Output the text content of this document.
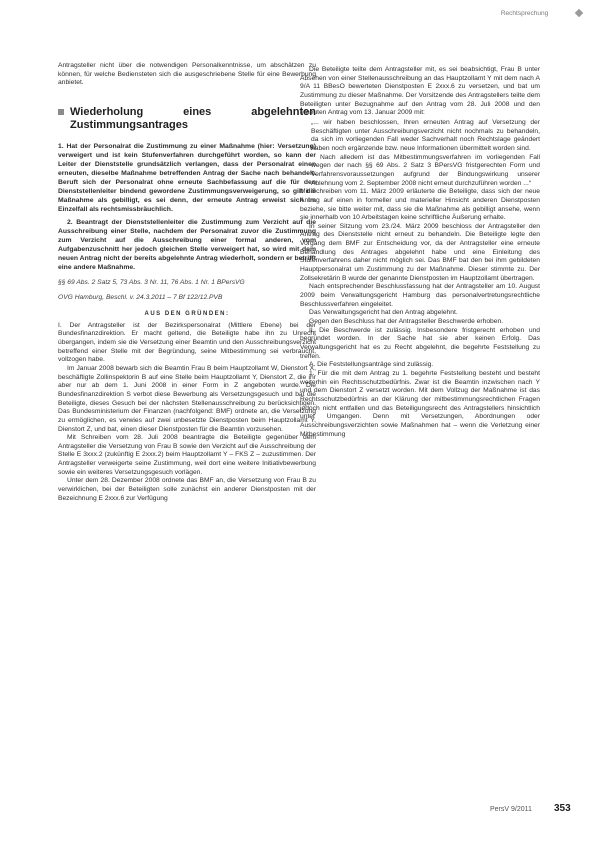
Rechtsprechung

Antragsteller nicht über die notwendigen Personalkenntnisse, um abschätzen zu können, für welche Bediensteten sich die ausgeschriebene Stelle für eine Bewerbung anbietet.

Wiederholung eines abgelehnten Zustimmungsantrages

1. Hat der Personalrat die Zustimmung zu einer Maßnahme (hier: Versetzung) verweigert und ist kein Stufenverfahren durchgeführt worden, so kann der Leiter der Dienststelle grundsätzlich verlangen, dass der Personalrat einen erneuten, dieselbe Maßnahme betreffenden Antrag der Sache nach behandelt. Beruft sich der Personalrat ohne erneute Sachbefassung auf die für den Dienststellenleiter bindend gewordene Zustimmungsverweigerung, so gilt die Maßnahme als gebilligt, es sei denn, der erneute Antrag erweist sich im Einzelfall als rechtsmissbräuchlich.

2. Beantragt der Dienststellenleiter die Zustimmung zum Verzicht auf die Ausschreibung einer Stelle, nachdem der Personalrat zuvor die Zustimmung zum Verzicht auf die Ausschreibung einer formal anderen, vom Aufgabenzuschnitt her jedoch gleichen Stelle verweigert hat, so wird mit dem neuen Antrag nicht der bereits abgelehnte Antrag wiederholt, sondern er betrifft eine andere Maßnahme.

§§ 69 Abs. 2 Satz 5, 73 Abs. 3 Nr. 11, 76 Abs. 1 Nr. 1 BPersVG
OVG Hamburg, Beschl. v. 24.3.2011 – 7 Bf 122/12.PVB
AUS DEN GRÜNDEN:

I. Der Antragsteller ist der Bezirkspersonalrat (Mittlere Ebene) bei der Bundesfinanzdirektion. Er macht geltend, die Beteiligte habe ihn zu Unrecht übergangen, indem sie die Versetzung einer Beamtin und den Ausschreibungsverzicht betreffend einer Stelle mit der Begründung, seine Mitbestimmung sei verbraucht, vollzogen habe.

Im Januar 2008 bewarb sich die Beamtin Frau B beim Hauptzollamt W, Dienstort X, beschäftigte Zollinspektorin B auf eine Stelle beim Hauptzollamt Y, Dienstort Z, die ihr aber nur ab dem 1. Juni 2008 in einer Form in Z angeboten wurde. Die Bundesfinanzdirektion S verbot diese Bewerbung als Versetzungsgesuch und bat die Beteiligte, dieses Gesuch bei der nächsten Stellenausschreibung zu berücksichtigen. Das Bundesministerium der Finanzen (nachfolgend: BMF) ordnete an, die Versetzung zu ermöglichen, es verwies auf zwei unbesetzte Dienstposten beim Hauptzollamt Y, Dienstort Z, und bat, einen dieser Dienstposten für die Beamtin vorzusehen.

Mit Schreiben vom 28. Juli 2008 beantragte die Beteiligte gegenüber dem Antragsteller die Versetzung von Frau B sowie den Verzicht auf die Ausschreibung der Stelle E 3xxx.2 (zukünftig E 2xxx.2) beim Hauptzollamt Y – FKS Z – zuzustimmen. Der Antragsteller verweigerte seine Zustimmung, weil dort eine weitere Initiativbewerbung sowie ein weiteres Versetzungsgesuch vorlägen.

Unter dem 28. Dezember 2008 ordnete das BMF an, die Versetzung von Frau B zu verwirklichen, bei der Beteiligten solle zunächst ein anderer Dienstposten mit der Bezeichnung E 2xxx.6 zur Verfügung

Die Beteiligte teilte dem Antragsteller mit, es sei beabsichtigt, Frau B unter Absehen von einer Stellenausschreibung an das Hauptzollamt Y mit dem nach A 9/A 11 BBesO bewerteten Dienstposten E 2xxx.6 zu versetzen, und bat um Zustimmung zu dieser Maßnahme. Der Vorsitzende des Antragstellers teilte dem Beteiligten unter Bezugnahme auf den Antrag vom 28. Juli 2008 und den erneuten Antrag vom 13. Januar 2009 mit:

„... wir haben beschlossen, Ihren erneuten Antrag auf Versetzung der Beschäftigten unter Ausschreibungsverzicht nicht nochmals zu behandeln, da sich im vorliegenden Fall weder Sachverhalt noch Rechtslage geändert haben noch ergänzende bzw. neue Informationen übermittelt worden sind.

Nach alledem ist das Mitbestimmungsverfahren im vorliegenden Fall wegen der nach §§ 69 Abs. 2 Satz 3 BPersVG fristgerechten Form und Verfahrensvoraussetzungen aufgrund der Bindungswirkung unserer Ablehnung vom 2. September 2008 nicht erneut durchzuführen worden ...“

Mit Schreiben vom 11. März 2009 erläuterte die Beteiligte, dass sich der neue Antrag auf einen in formeller und materieller Hinsicht anderen Dienstposten beziehe, sie bitte weiter mit, dass sie die Maßnahme als gebilligt ansehe, wenn sie innerhalb von 10 Arbeitstagen keine schriftliche Äußerung erhalte.

In seiner Sitzung vom 23./24. März 2009 beschloss der Antragsteller den Antrag des Dienststelle nicht erneut zu behandeln. Die Beteiligte legte den Vorgang dem BMF zur Entscheidung vor, da der Antragsteller eine erneute Behandlung des Antrages abgelehnt habe und eine Einleitung des Stufenverfahrens daher nicht möglich sei. Das BMF bat den bei ihm gebildeten Hauptpersonalrat um Zustimmung zu der Maßnahme. Dieser stimmte zu. Der Zollsekretärin B wurde der genannte Dienstposten im Hauptzollamt übertragen.

Nach entsprechender Beschlussfassung hat der Antragsteller am 10. August 2009 beim Verwaltungsgericht Hamburg das personalvertretungsrechtliche Beschlussverfahren eingeleitet.

Das Verwaltungsgericht hat den Antrag abgelehnt.

Gegen den Beschluss hat der Antragsteller Beschwerde erhoben.

II. Die Beschwerde ist zulässig. Insbesondere fristgerecht erhoben und begründet worden. In der Sache hat sie aber keinen Erfolg. Das Verwaltungsgericht hat es zu Recht abgelehnt, die begehrte Feststellung zu treffen.

A. Die Feststellungsanträge sind zulässig.

1. Für die mit dem Antrag zu 1. begehrte Feststellung besteht und besteht weiterhin ein Rechtsschutzbedürfnis. Zwar ist die Beamtin inzwischen nach Y und dem Dienstort Z versetzt worden. Mit dem Vollzug der Maßnahme ist das Rechtsschutzbedürfnis an der Klärung der mitbestimmungsrechtlichen Fragen jedoch nicht entfallen und das Beteiligungsrecht des Antragstellers hinsichtlich unter Umgangen. Denn mit Versetzungen, Abordnungen oder Ausschreibungsverzichten sowie Maßnahmen hat – wenn die Verletzung einer Mitbestimmung

PersV 9/2011 353
